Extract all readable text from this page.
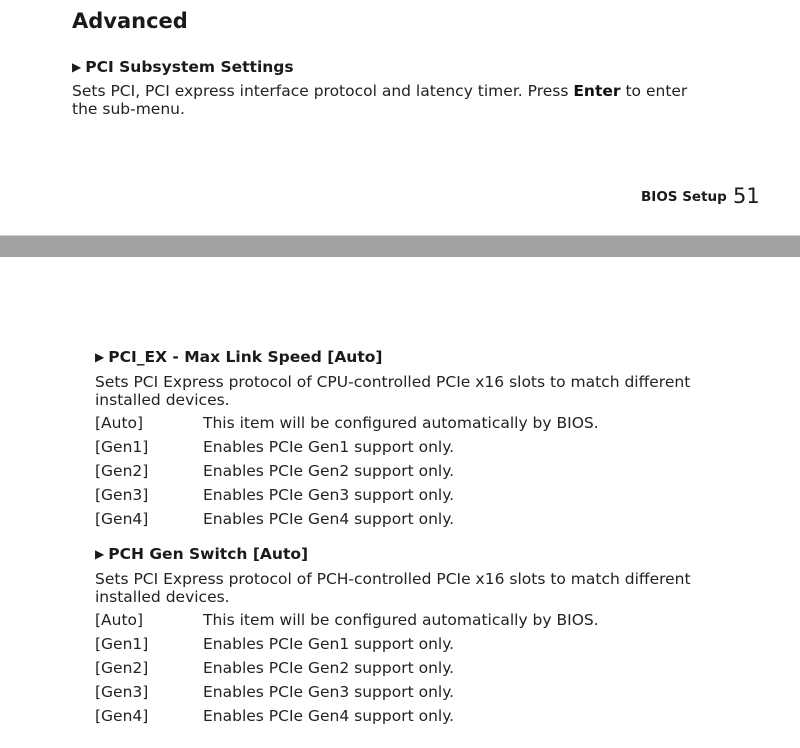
Advanced
▶ PCI Subsystem Settings
Sets PCI, PCI express interface protocol and latency timer. Press Enter to enter the sub-menu.
BIOS Setup 51
▶ PCI_EX - Max Link Speed [Auto]
Sets PCI Express protocol of CPU-controlled PCIe x16 slots to match different installed devices.
[Auto]	This item will be configured automatically by BIOS.
[Gen1]	Enables PCIe Gen1 support only.
[Gen2]	Enables PCIe Gen2 support only.
[Gen3]	Enables PCIe Gen3 support only.
[Gen4]	Enables PCIe Gen4 support only.
▶ PCH Gen Switch [Auto]
Sets PCI Express protocol of PCH-controlled PCIe x16 slots to match different installed devices.
[Auto]	This item will be configured automatically by BIOS.
[Gen1]	Enables PCIe Gen1 support only.
[Gen2]	Enables PCIe Gen2 support only.
[Gen3]	Enables PCIe Gen3 support only.
[Gen4]	Enables PCIe Gen4 support only.
